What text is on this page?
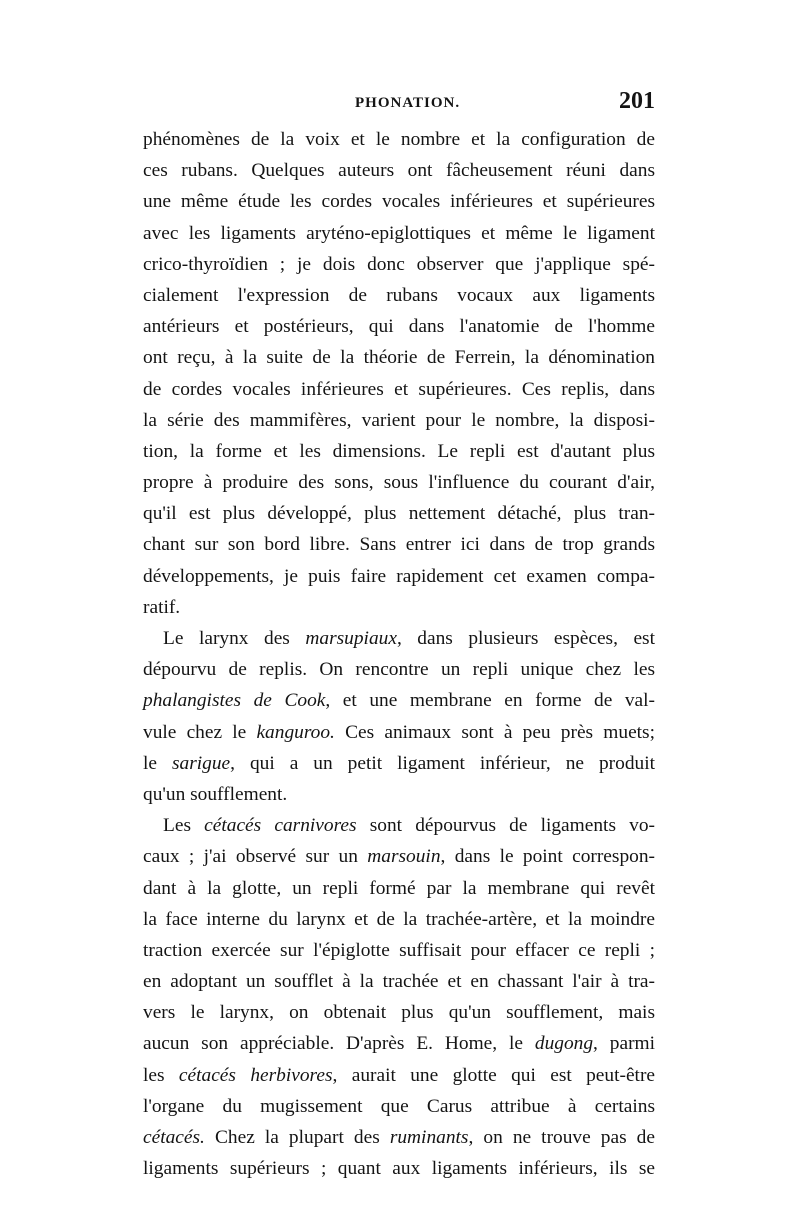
PHONATION.	201
phénomènes de la voix et le nombre et la configuration de
ces rubans. Quelques auteurs ont fâcheusement réuni dans
une même étude les cordes vocales inférieures et supérieures
avec les ligaments aryténo-epiglottiques et même le ligament
crico-thyroïdien ; je dois donc observer que j'applique spé-
cialement l'expression de rubans vocaux aux ligaments
antérieurs et postérieurs, qui dans l'anatomie de l'homme
ont reçu, à la suite de la théorie de Ferrein, la dénomination
de cordes vocales inférieures et supérieures. Ces replis, dans
la série des mammifères, varient pour le nombre, la disposi-
tion, la forme et les dimensions. Le repli est d'autant plus
propre à produire des sons, sous l'influence du courant d'air,
qu'il est plus développé, plus nettement détaché, plus tran-
chant sur son bord libre. Sans entrer ici dans de trop grands
développements, je puis faire rapidement cet examen compa-
ratif.
Le larynx des marsupiaux, dans plusieurs espèces, est
dépourvu de replis. On rencontre un repli unique chez les
phalangistes de Cook, et une membrane en forme de val-
vule chez le kanguroo. Ces animaux sont à peu près muets;
le sarigue, qui a un petit ligament inférieur, ne produit
qu'un soufflement.
Les cétacés carnivores sont dépourvus de ligaments vo-
caux ; j'ai observé sur un marsouin, dans le point correspon-
dant à la glotte, un repli formé par la membrane qui revêt
la face interne du larynx et de la trachée-artère, et la moindre
traction exercée sur l'épiglotte suffisait pour effacer ce repli ;
en adoptant un soufflet à la trachée et en chassant l'air à tra-
vers le larynx, on obtenait plus qu'un soufflement, mais
aucun son appréciable. D'après E. Home, le dugong, parmi
les cétacés herbivores, aurait une glotte qui est peut-être
l'organe du mugissement que Carus attribue à certains
cétacés. Chez la plupart des ruminants, on ne trouve pas de
ligaments supérieurs ; quant aux ligaments inférieurs, ils se
